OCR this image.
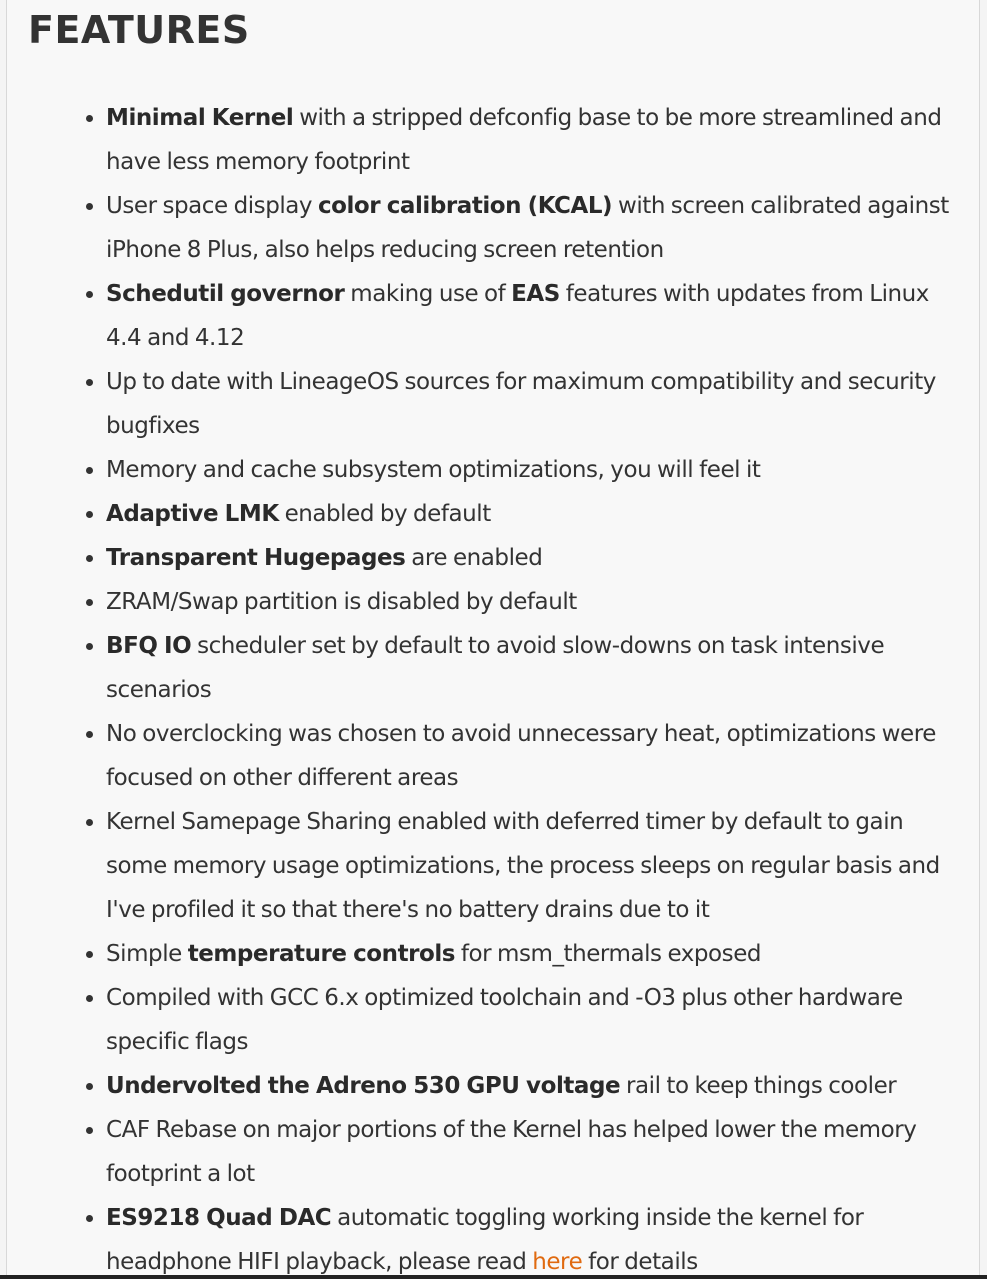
FEATURES
Minimal Kernel with a stripped defconfig base to be more streamlined and have less memory footprint
User space display color calibration (KCAL) with screen calibrated against iPhone 8 Plus, also helps reducing screen retention
Schedutil governor making use of EAS features with updates from Linux 4.4 and 4.12
Up to date with LineageOS sources for maximum compatibility and security bugfixes
Memory and cache subsystem optimizations, you will feel it
Adaptive LMK enabled by default
Transparent Hugepages are enabled
ZRAM/Swap partition is disabled by default
BFQ IO scheduler set by default to avoid slow-downs on task intensive scenarios
No overclocking was chosen to avoid unnecessary heat, optimizations were focused on other different areas
Kernel Samepage Sharing enabled with deferred timer by default to gain some memory usage optimizations, the process sleeps on regular basis and I've profiled it so that there's no battery drains due to it
Simple temperature controls for msm_thermals exposed
Compiled with GCC 6.x optimized toolchain and -O3 plus other hardware specific flags
Undervolted the Adreno 530 GPU voltage rail to keep things cooler
CAF Rebase on major portions of the Kernel has helped lower the memory footprint a lot
ES9218 Quad DAC automatic toggling working inside the kernel for headphone HIFI playback, please read here for details
